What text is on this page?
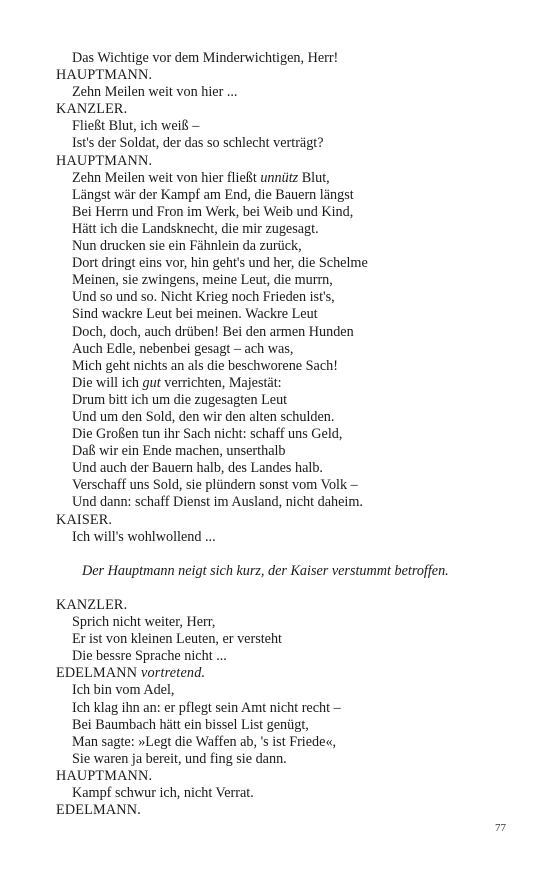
Das Wichtige vor dem Minderwichtigen, Herr!
HAUPTMANN.
Zehn Meilen weit von hier ...
KANZLER.
Fließt Blut, ich weiß –
Ist's der Soldat, der das so schlecht verträgt?
HAUPTMANN.
Zehn Meilen weit von hier fließt unnütz Blut,
Längst wär der Kampf am End, die Bauern längst
Bei Herrn und Fron im Werk, bei Weib und Kind,
Hätt ich die Landsknecht, die mir zugesagt.
Nun drucken sie ein Fähnlein da zurück,
Dort dringt eins vor, hin geht's und her, die Schelme
Meinen, sie zwingens, meine Leut, die murrn,
Und so und so. Nicht Krieg noch Frieden ist's,
Sind wackre Leut bei meinen. Wackre Leut
Doch, doch, auch drüben! Bei den armen Hunden
Auch Edle, nebenbei gesagt – ach was,
Mich geht nichts an als die beschworene Sach!
Die will ich gut verrichten, Majestät:
Drum bitt ich um die zugesagten Leut
Und um den Sold, den wir den alten schulden.
Die Großen tun ihr Sach nicht: schaff uns Geld,
Daß wir ein Ende machen, unserthalb
Und auch der Bauern halb, des Landes halb.
Verschaff uns Sold, sie plündern sonst vom Volk –
Und dann: schaff Dienst im Ausland, nicht daheim.
KAISER.
Ich will's wohlwollend ...
Der Hauptmann neigt sich kurz, der Kaiser verstummt betroffen.
KANZLER.
Sprich nicht weiter, Herr,
Er ist von kleinen Leuten, er versteht
Die bessre Sprache nicht ...
EDELMANN vortretend.
Ich bin vom Adel,
Ich klag ihn an: er pflegt sein Amt nicht recht –
Bei Baumbach hätt ein bissel List genügt,
Man sagte: »Legt die Waffen ab, 's ist Friede«,
Sie waren ja bereit, und fing sie dann.
HAUPTMANN.
Kampf schwur ich, nicht Verrat.
EDELMANN.
77
